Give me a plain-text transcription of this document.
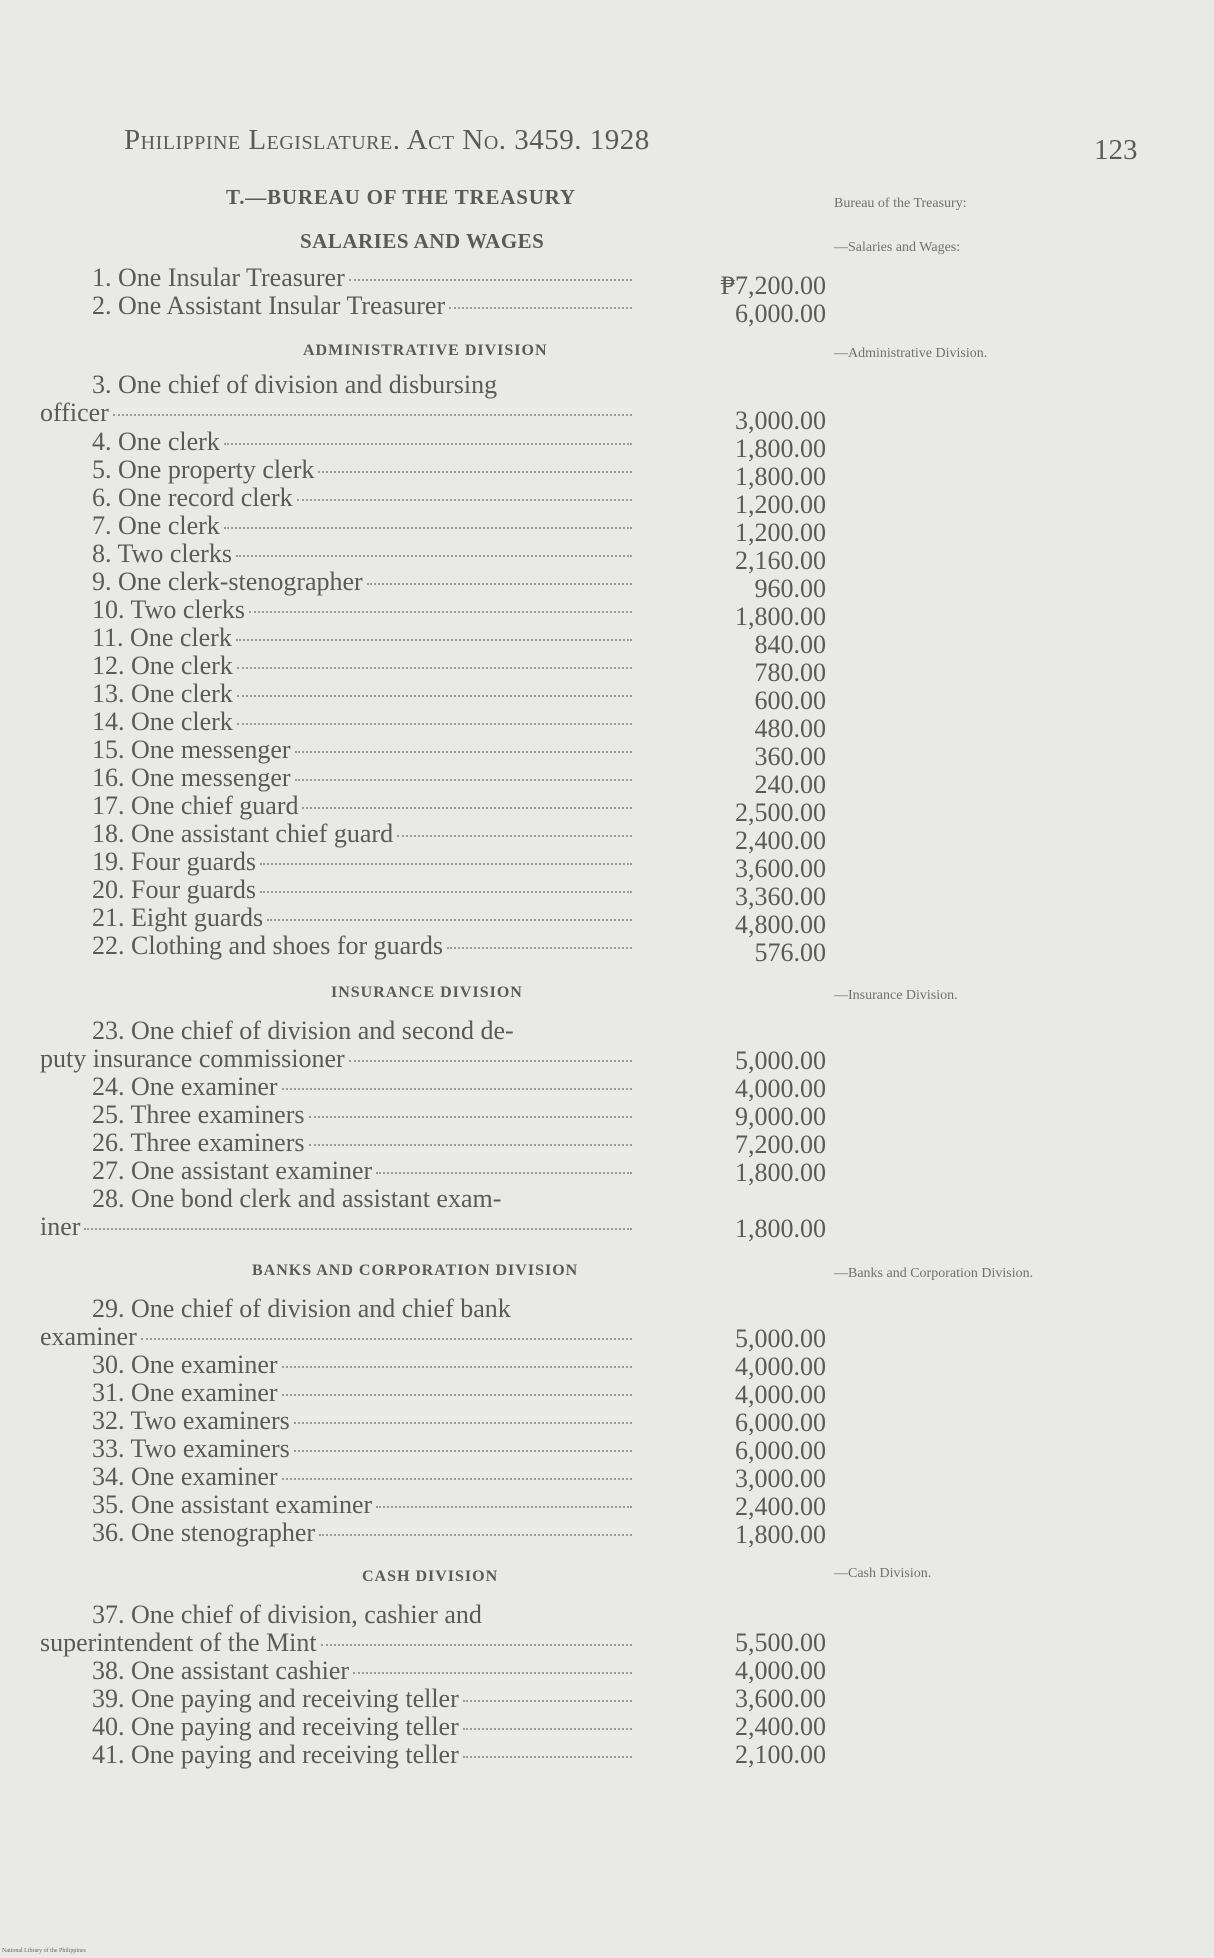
Philippine Legislature. Act No. 3459. 1928	123
T.—BUREAU OF THE TREASURY
SALARIES AND WAGES
Bureau of the Treasury:
—Salaries and Wages:
—Administrative Division.
—Insurance Division.
—Banks and Corporation Division.
—Cash Division.
1. One Insular Treasurer	₱7,200.00
2. One Assistant Insular Treasurer	6,000.00
ADMINISTRATIVE DIVISION
3. One chief of division and disbursing
officer	3,000.00
4. One clerk	1,800.00
5. One property clerk	1,800.00
6. One record clerk	1,200.00
7. One clerk	1,200.00
8. Two clerks	2,160.00
9. One clerk-stenographer	960.00
10. Two clerks	1,800.00
11. One clerk	840.00
12. One clerk	780.00
13. One clerk	600.00
14. One clerk	480.00
15. One messenger	360.00
16. One messenger	240.00
17. One chief guard	2,500.00
18. One assistant chief guard	2,400.00
19. Four guards	3,600.00
20. Four guards	3,360.00
21. Eight guards	4,800.00
22. Clothing and shoes for guards	576.00
INSURANCE DIVISION
23. One chief of division and second de-
puty insurance commissioner	5,000.00
24. One examiner	4,000.00
25. Three examiners	9,000.00
26. Three examiners	7,200.00
27. One assistant examiner	1,800.00
28. One bond clerk and assistant exam-
iner	1,800.00
BANKS AND CORPORATION DIVISION
29. One chief of division and chief bank
examiner	5,000.00
30. One examiner	4,000.00
31. One examiner	4,000.00
32. Two examiners	6,000.00
33. Two examiners	6,000.00
34. One examiner	3,000.00
35. One assistant examiner	2,400.00
36. One stenographer	1,800.00
CASH DIVISION
37. One chief of division, cashier and
superintendent of the Mint	5,500.00
38. One assistant cashier	4,000.00
39. One paying and receiving teller	3,600.00
40. One paying and receiving teller	2,400.00
41. One paying and receiving teller	2,100.00
National Library of the Philippines
